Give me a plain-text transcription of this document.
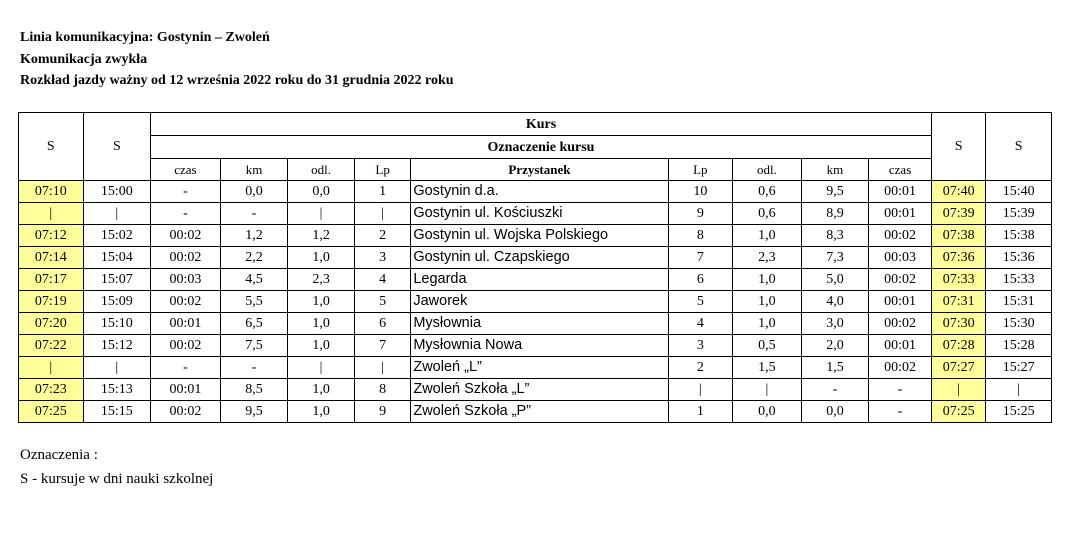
Linia komunikacyjna: Gostynin – Zwoleń
Komunikacja zwykła
Rozkład jazdy ważny od 12 września 2022 roku do 31 grudnia 2022 roku
S	S	Kurs									S	S
		Oznaczenie kursu										
		czas	km	odl.	Lp	Przystanek	Lp	odl.	km	czas		
07:10	15:00	-	0,0	0,0	1	Gostynin d.a.	10	0,6	9,5	00:01	07:40	15:40
|	|	-	-	|	|	Gostynin ul. Kościuszki	9	0,6	8,9	00:01	07:39	15:39
07:12	15:02	00:02	1,2	1,2	2	Gostynin ul. Wojska Polskiego	8	1,0	8,3	00:02	07:38	15:38
07:14	15:04	00:02	2,2	1,0	3	Gostynin ul. Czapskiego	7	2,3	7,3	00:03	07:36	15:36
07:17	15:07	00:03	4,5	2,3	4	Legarda	6	1,0	5,0	00:02	07:33	15:33
07:19	15:09	00:02	5,5	1,0	5	Jaworek	5	1,0	4,0	00:01	07:31	15:31
07:20	15:10	00:01	6,5	1,0	6	Mysłownia	4	1,0	3,0	00:02	07:30	15:30
07:22	15:12	00:02	7,5	1,0	7	Mysłownia Nowa	3	0,5	2,0	00:01	07:28	15:28
|	|	-	-	|	|	Zwoleń „L”	2	1,5	1,5	00:02	07:27	15:27
07:23	15:13	00:01	8,5	1,0	8	Zwoleń Szkoła „L”	|	|	-	-	|	|
07:25	15:15	00:02	9,5	1,0	9	Zwoleń Szkoła „P”	1	0,0	0,0	-	07:25	15:25
Oznaczenia :
S - kursuje w dni nauki szkolnej
